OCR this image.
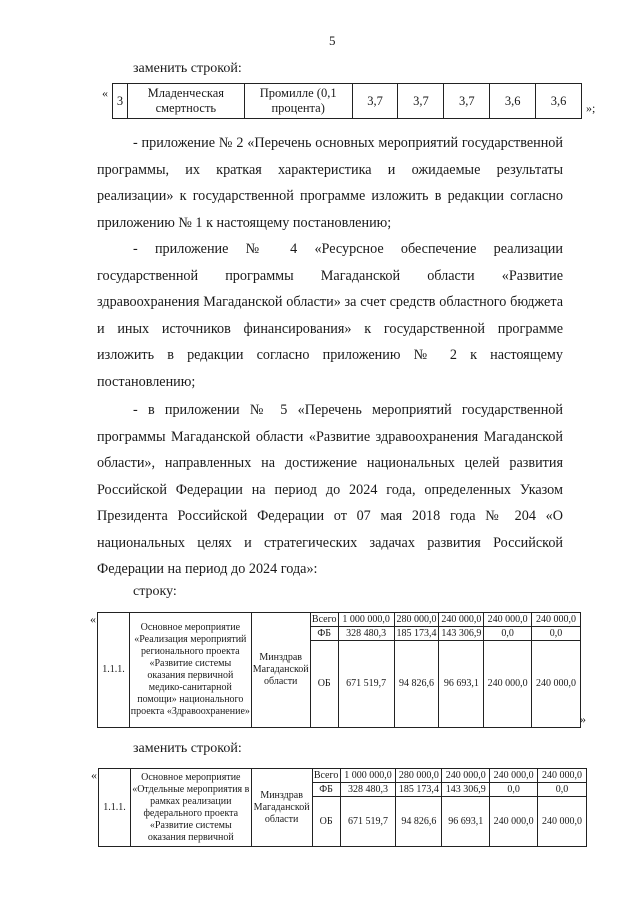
5
заменить строкой:
«
3	Младенческая смертность	Промилле (0,1 процента)	3,7	3,7	3,7	3,6	3,6
»;
- приложение № 2 «Перечень основных мероприятий государственной программы, их краткая характеристика и ожидаемые результаты реализации» к государственной программе изложить в редакции согласно приложению № 1 к настоящему постановлению;
- приложение № 4 «Ресурсное обеспечение реализации государственной программы Магаданской области «Развитие здравоохранения Магаданской области» за счет средств областного бюджета и иных источников финансирования» к государственной программе изложить в редакции согласно приложению № 2 к настоящему постановлению;
- в приложении № 5 «Перечень мероприятий государственной программы Магаданской области «Развитие здравоохранения Магаданской области», направленных на достижение национальных целей развития Российской Федерации на период до 2024 года, определенных Указом Президента Российской Федерации от 07 мая 2018 года № 204 «О национальных целях и стратегических задачах развития Российской Федерации на период до 2024 года»:
строку:
«
1.1.1.	Основное мероприятие «Реализация мероприятий регионального проекта «Развитие системы оказания первичной медико-санитарной помощи» национального проекта «Здравоохранение»	Минздрав Магаданской области	Всего	1 000 000,0	280 000,0	240 000,0	240 000,0	240 000,0
			ФБ	328 480,3	185 173,4	143 306,9	0,0	0,0
			ОБ	671 519,7	94 826,6	96 693,1	240 000,0	240 000,0
»
заменить строкой:
«
1.1.1.	Основное мероприятие «Отдельные мероприятия в рамках реализации федерального проекта «Развитие системы оказания первичной	Минздрав Магаданской области	Всего	1 000 000,0	280 000,0	240 000,0	240 000,0	240 000,0
			ФБ	328 480,3	185 173,4	143 306,9	0,0	0,0
			ОБ	671 519,7	94 826,6	96 693,1	240 000,0	240 000,0
